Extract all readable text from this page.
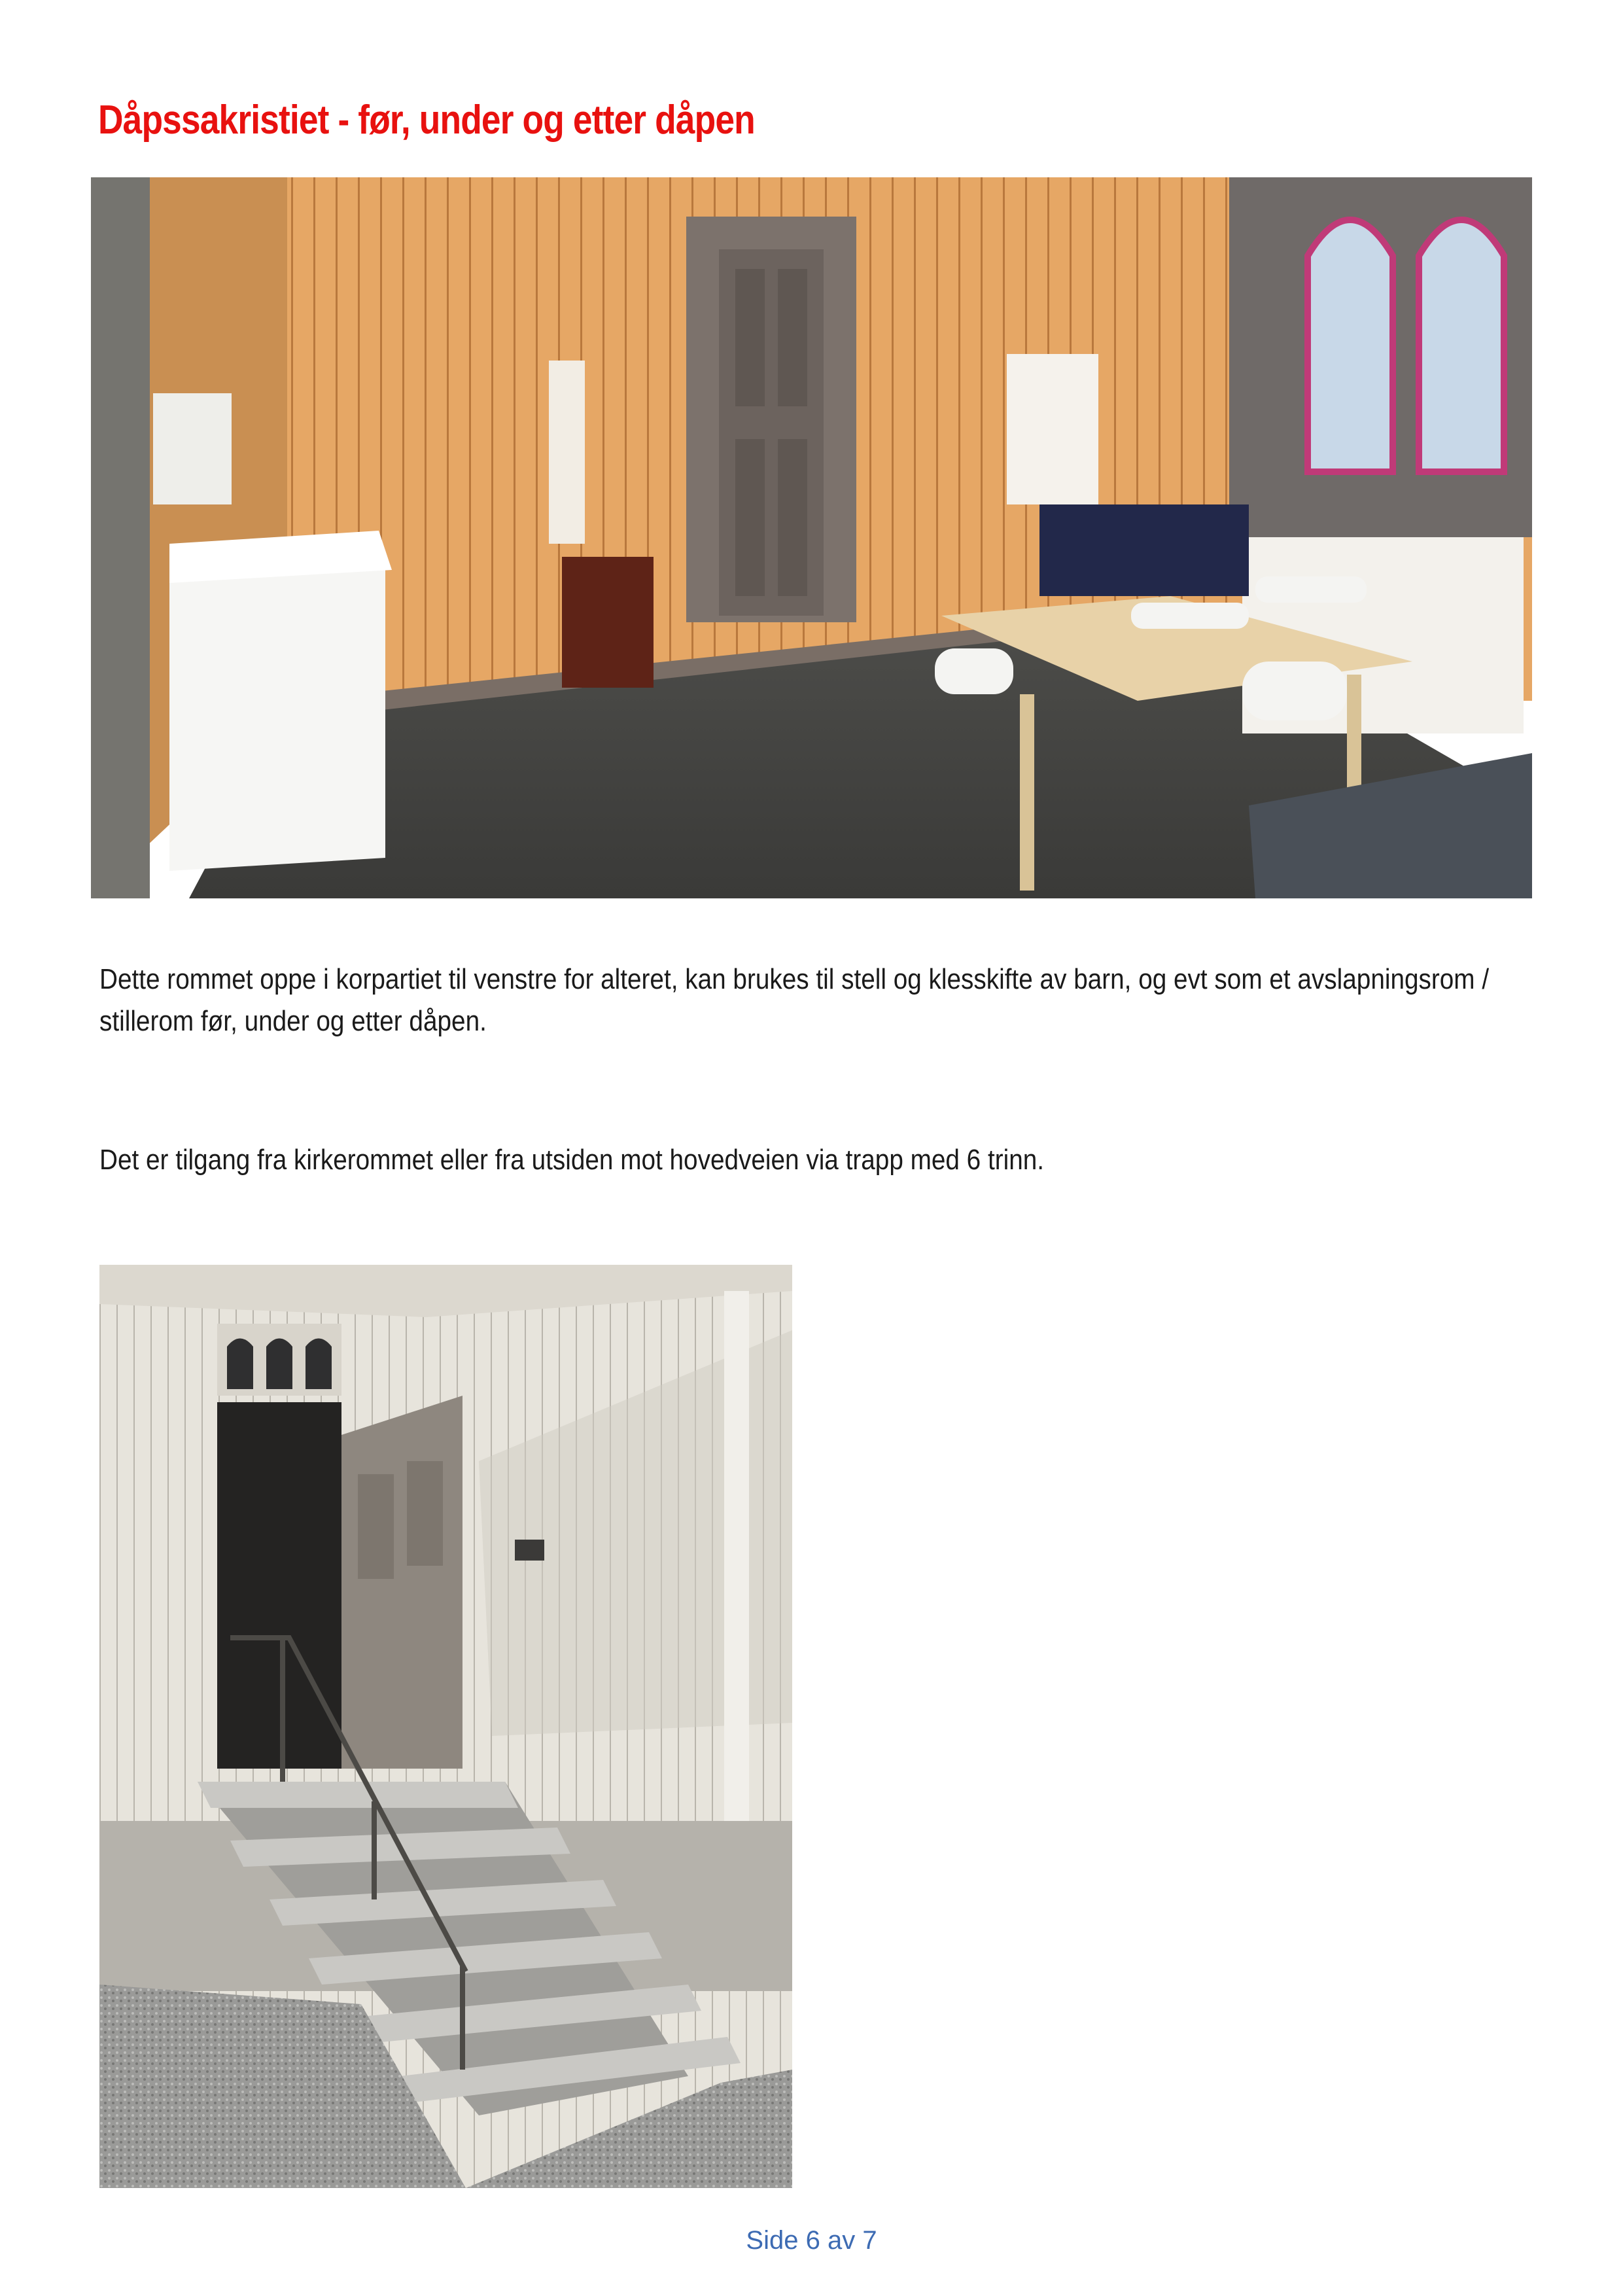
Dåpssakristiet - før, under og etter dåpen

Dette rommet oppe i korpartiet til venstre for alteret, kan brukes til stell og klesskifte av barn, og evt som et avslapningsrom / stillerom før, under og etter dåpen.

Det er tilgang fra kirkerommet eller fra utsiden mot hovedveien via trapp med 6 trinn.

Side 6 av 7
